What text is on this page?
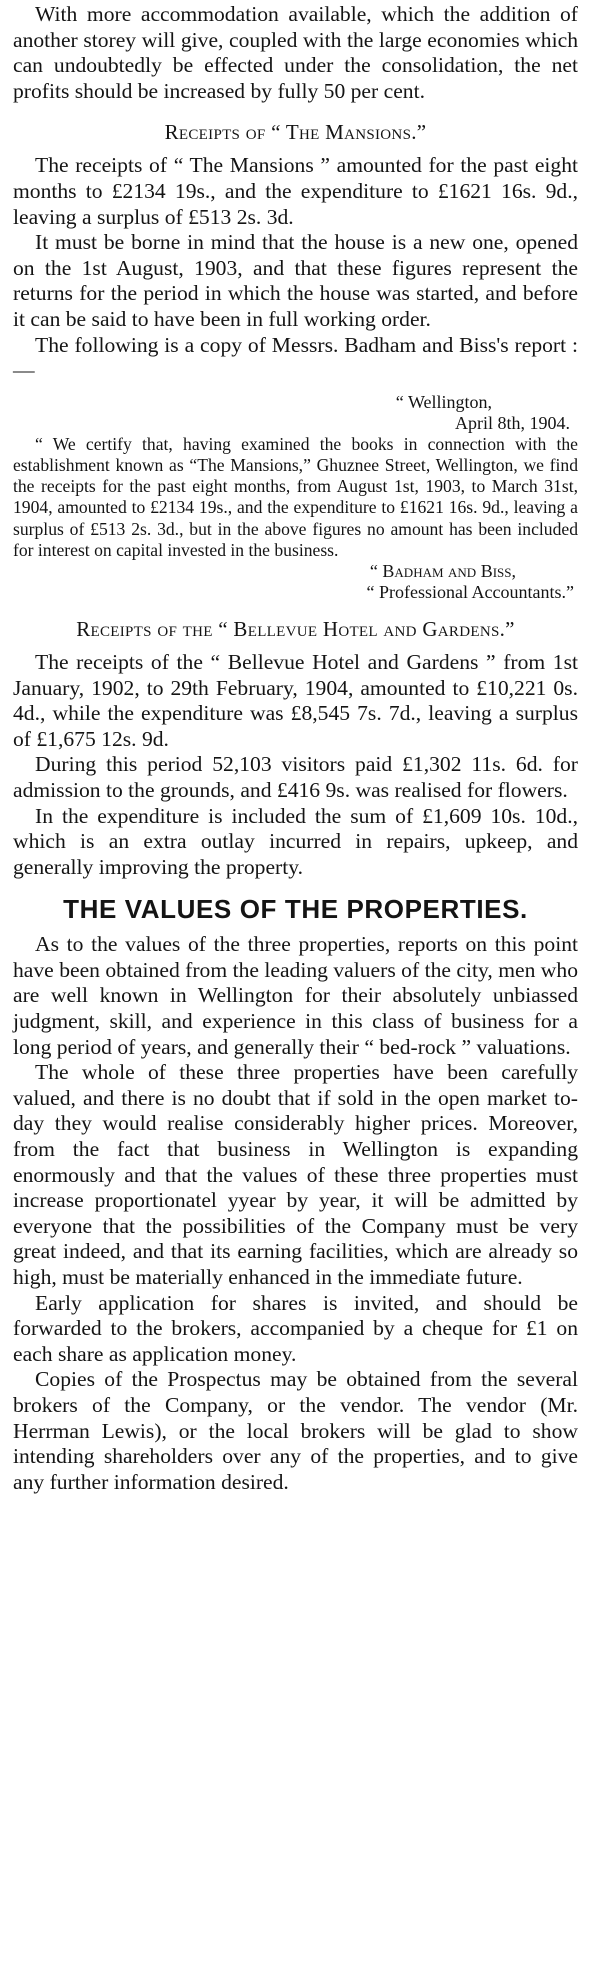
With more accommodation available, which the addition of another storey will give, coupled with the large economies which can undoubtedly be effected under the consolidation, the net profits should be increased by fully 50 per cent.

Receipts of “ The Mansions.”

The receipts of “ The Mansions ” amounted for the past eight months to £2134 19s., and the expenditure to £1621 16s. 9d., leaving a surplus of £513 2s. 3d.

It must be borne in mind that the house is a new one, opened on the 1st August, 1903, and that these figures represent the returns for the period in which the house was started, and before it can be said to have been in full working order.

The following is a copy of Messrs. Badham and Biss's report : —

“ Wellington,
April 8th, 1904.

“ We certify that, having examined the books in connection with the establishment known as “The Mansions,” Ghuznee Street, Wellington, we find the receipts for the past eight months, from August 1st, 1903, to March 31st, 1904, amounted to £2134 19s., and the expenditure to £1621 16s. 9d., leaving a surplus of £513 2s. 3d., but in the above figures no amount has been included for interest on capital invested in the business.

“ Badham and Biss,
“ Professional Accountants.”
Receipts of the “ Bellevue Hotel and Gardens.”

The receipts of the “ Bellevue Hotel and Gardens ” from 1st January, 1902, to 29th February, 1904, amounted to £10,221 0s. 4d., while the expenditure was £8,545 7s. 7d., leaving a surplus of £1,675 12s. 9d.

During this period 52,103 visitors paid £1,302 11s. 6d. for admission to the grounds, and £416 9s. was realised for flowers.

In the expenditure is included the sum of £1,609 10s. 10d., which is an extra outlay incurred in repairs, upkeep, and generally improving the property.

THE VALUES OF THE PROPERTIES.

As to the values of the three properties, reports on this point have been obtained from the leading valuers of the city, men who are well known in Wellington for their absolutely unbiassed judgment, skill, and experience in this class of business for a long period of years, and generally their “ bed-rock ” valuations.

The whole of these three properties have been carefully valued, and there is no doubt that if sold in the open market to-day they would realise considerably higher prices. Moreover, from the fact that business in Wellington is expanding enormously and that the values of these three properties must increase proportionatel yyear by year, it will be admitted by everyone that the possibilities of the Company must be very great indeed, and that its earning facilities, which are already so high, must be materially enhanced in the immediate future.

Early application for shares is invited, and should be forwarded to the brokers, accompanied by a cheque for £1 on each share as application money.

Copies of the Prospectus may be obtained from the several brokers of the Company, or the vendor. The vendor (Mr. Herrman Lewis), or the local brokers will be glad to show intending shareholders over any of the properties, and to give any further information desired.
